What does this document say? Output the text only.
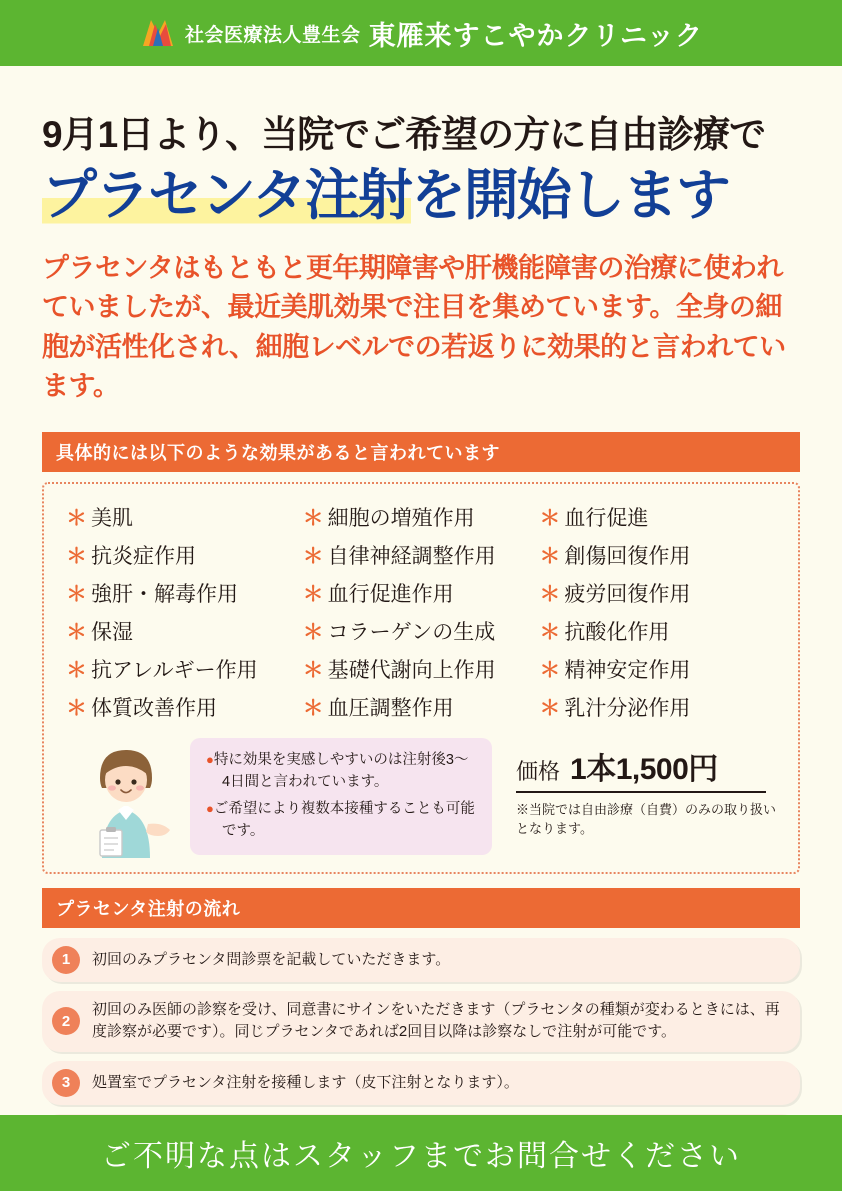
社会医療法人豊生会 東雁来すこやかクリニック
9月1日より、当院でご希望の方に自由診療で
プラセンタ注射を開始します
プラセンタはもともと更年期障害や肝機能障害の治療に使われていましたが、最近美肌効果で注目を集めています。全身の細胞が活性化され、細胞レベルでの若返りに効果的と言われています。
具体的には以下のような効果があると言われています
＊ 美肌
＊ 抗炎症作用
＊ 強肝・解毒作用
＊ 保湿
＊ 抗アレルギー作用
＊ 体質改善作用
＊ 細胞の増殖作用
＊ 自律神経調整作用
＊ 血行促進作用
＊ コラーゲンの生成
＊ 基礎代謝向上作用
＊ 血圧調整作用
＊ 血行促進
＊ 創傷回復作用
＊ 疲労回復作用
＊ 抗酸化作用
＊ 精神安定作用
＊ 乳汁分泌作用
●特に効果を実感しやすいのは注射後3〜4日間と言われています。
●ご希望により複数本接種することも可能です。
価格 1本1,500円
※当院では自由診療（自費）のみの取り扱いとなります。
プラセンタ注射の流れ
1	初回のみプラセンタ問診票を記載していただきます。
2
初回のみ医師の診察を受け、同意書にサインをいただきます（プラセンタの種類が変わるときには、再度診察が必要です）。同じプラセンタであれば2回目以降は診察なしで注射が可能です。
3	処置室でプラセンタ注射を接種します（皮下注射となります）。
ご不明な点はスタッフまでお問合せください
